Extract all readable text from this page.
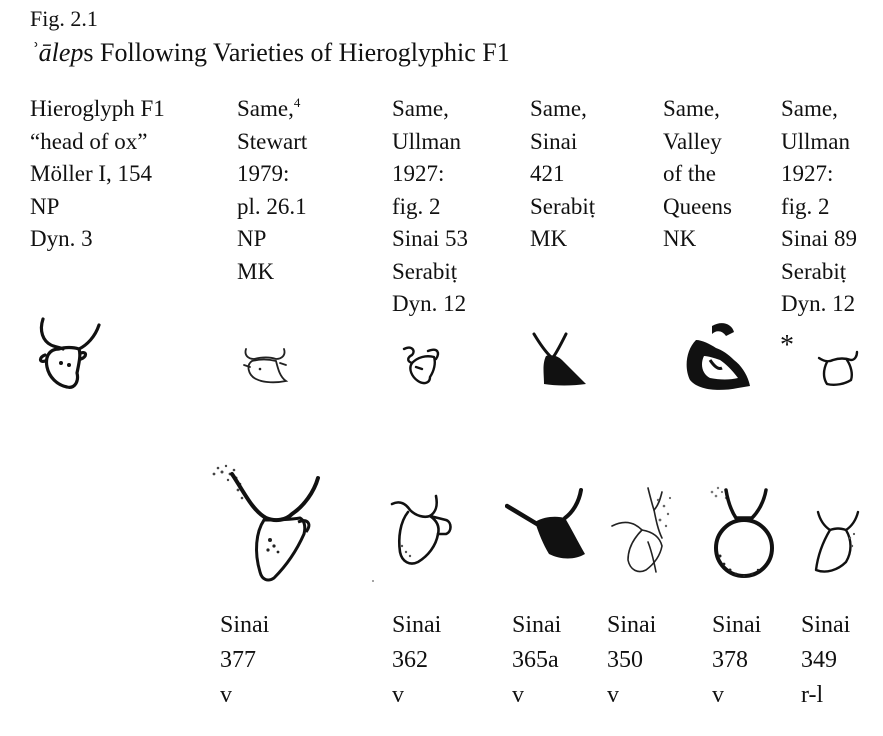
Fig. 2.1
ʾāleps Following Varieties of Hieroglyphic F1
Hieroglyph F1
“head of ox”
Möller I, 154
NP
Dyn. 3
Same,$^4$
Stewart
1979:
pl. 26.1
NP
MK
Same,
Ullman
1927:
fig. 2
Sinai 53
Serabiṭ
Dyn. 12
Same,
Sinai
421
Serabiṭ
MK
Same,
Valley
of the
Queens
NK
Same,
Ullman
1927:
fig. 2
Sinai 89
Serabiṭ
Dyn. 12
*
Sinai
377
v
Sinai
362
v
Sinai
365a
v
Sinai
350
v
Sinai
378
v
Sinai
349
r-l
